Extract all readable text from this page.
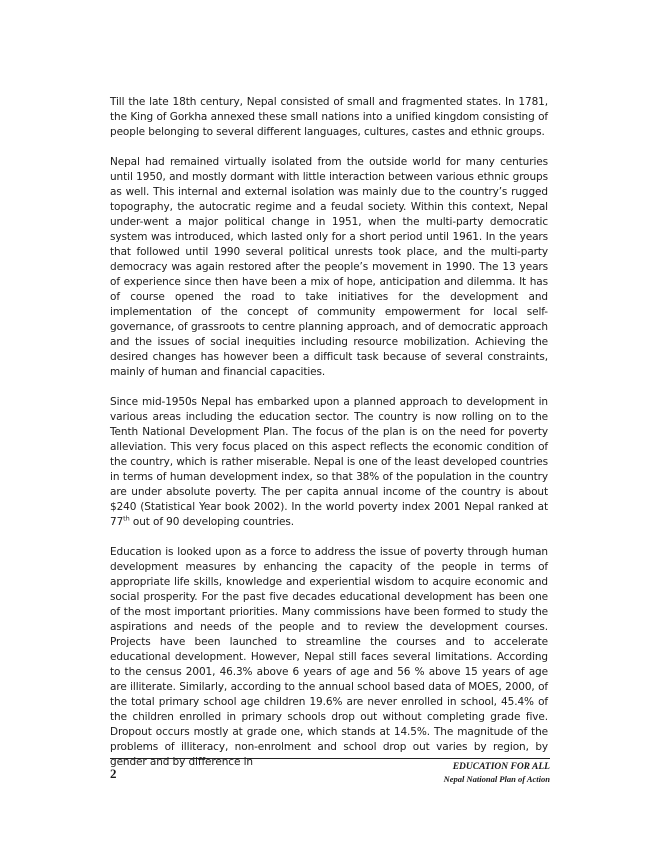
Till the late 18th century, Nepal consisted of small and fragmented states. In 1781, the King of Gorkha annexed these small nations into a unified kingdom consisting of people belonging to several different languages, cultures, castes and ethnic groups.

Nepal had remained virtually isolated from the outside world for many centuries until 1950, and mostly dormant with little interaction between various ethnic groups as well. This internal and external isolation was mainly due to the country’s rugged topography, the autocratic regime and a feudal society. Within this context, Nepal under-went a major political change in 1951, when the multi-party democratic system was introduced, which lasted only for a short period until 1961. In the years that followed until 1990 several political unrests took place, and the multi-party democracy was again restored after the people’s movement in 1990. The 13 years of experience since then have been a mix of hope, anticipation and dilemma. It has of course opened the road to take initiatives for the development and implementation of the concept of community empowerment for local self-governance, of grassroots to centre planning approach, and of democratic approach and the issues of social inequities including resource mobilization. Achieving the desired changes has however been a difficult task because of several constraints, mainly of human and financial capacities.

Since mid-1950s Nepal has embarked upon a planned approach to development in various areas including the education sector. The country is now rolling on to the Tenth National Development Plan. The focus of the plan is on the need for poverty alleviation. This very focus placed on this aspect reflects the economic condition of the country, which is rather miserable. Nepal is one of the least developed countries in terms of human development index, so that 38% of the population in the country are under absolute poverty. The per capita annual income of the country is about $240 (Statistical Year book 2002). In the world poverty index 2001 Nepal ranked at 77th out of 90 developing countries.

Education is looked upon as a force to address the issue of poverty through human development measures by enhancing the capacity of the people in terms of appropriate life skills, knowledge and experiential wisdom to acquire economic and social prosperity. For the past five decades educational development has been one of the most important priorities. Many commissions have been formed to study the aspirations and needs of the people and to review the development courses. Projects have been launched to streamline the courses and to accelerate educational development. However, Nepal still faces several limitations. According to the census 2001, 46.3% above 6 years of age and 56 % above 15 years of age are illiterate. Similarly, according to the annual school based data of MOES, 2000, of the total primary school age children 19.6% are never enrolled in school, 45.4% of the children enrolled in primary schools drop out without completing grade five. Dropout occurs mostly at grade one, which stands at 14.5%. The magnitude of the problems of illiteracy, non-enrolment and school drop out varies by region, by gender and by difference in

2	EDUCATION FOR ALL
Nepal National Plan of Action
